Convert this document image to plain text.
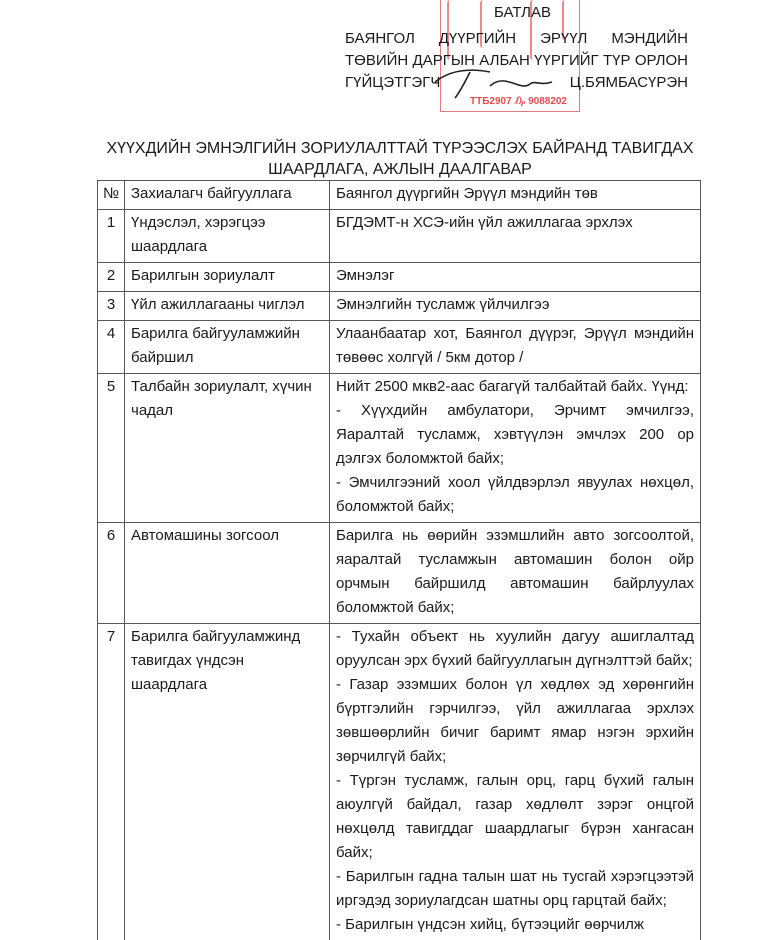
ТТБ2907 ₯ 9088202
БАТЛАВ
БАЯНГОЛ ДҮҮРГИЙН ЭРҮҮЛ МЭНДИЙН
ТӨВИЙН ДАРГЫН АЛБАН ҮҮРГИЙГ ТҮР ОРЛОН
ГҮЙЦЭТГЭГЧ	Ц.БЯМБАСҮРЭН
ХҮҮХДИЙН ЭМНЭЛГИЙН ЗОРИУЛАЛТТАЙ ТҮРЭЭСЛЭХ БАЙРАНД ТАВИГДАХ
ШААРДЛАГА, АЖЛЫН ДААЛГАВАР
№	Захиалагч байгууллага	Баянгол дүүргийн Эрүүл мэндийн төв
1	Үндэслэл, хэрэгцээ шаардлага	БГДЭМТ-н ХСЭ-ийн үйл ажиллагаа эрхлэх

2	Барилгын зориулалт	Эмнэлэг

3	Үйл ажиллагааны чиглэл	Эмнэлгийн тусламж үйлчилгээ

4	Барилга байгууламжийн байршил	Улаанбаатар хот, Баянгол дүүрэг, Эрүүл мэндийн төвөөс холгүй / 5км дотор /

5	Талбайн зориулалт, хүчин чадал	Нийт 2500 мкв2-аас багагүй талбайтай байх. Үүнд:

- Хүүхдийн амбулатори, Эрчимт эмчилгээ, Яаралтай тусламж, хэвтүүлэн эмчлэх 200 ор дэлгэх боломжтой байх;

- Эмчилгээний хоол үйлдвэрлэл явуулах нөхцөл, боломжтой байх;

6	Автомашины зогсоол	Барилга нь өөрийн эзэмшлийн авто зогсоолтой, яаралтай тусламжын автомашин болон ойр орчмын байршилд автомашин байрлуулах боломжтой байх;

7	Барилга байгууламжинд тавигдах үндсэн шаардлага	- Тухайн объект нь хуулийн дагуу ашиглалтад оруулсан эрх бүхий байгууллагын дүгнэлттэй байх;

- Газар эзэмших болон үл хөдлөх эд хөрөнгийн бүртгэлийн гэрчилгээ, үйл ажиллагаа эрхлэх зөвшөөрлийн бичиг баримт ямар нэгэн эрхийн зөрчилгүй байх;

- Түргэн тусламж, галын орц, гарц бүхий галын аюулгүй байдал, газар хөдлөлт зэрэг онцгой нөхцөлд тавигддаг шаардлагыг бүрэн хангасан байх;

- Барилгын гадна талын шат нь тусгай хэрэгцээтэй иргэдэд зориулагдсан шатны орц гарцтай байх;

- Барилгын үндсэн хийц, бүтээцийг өөрчилж
